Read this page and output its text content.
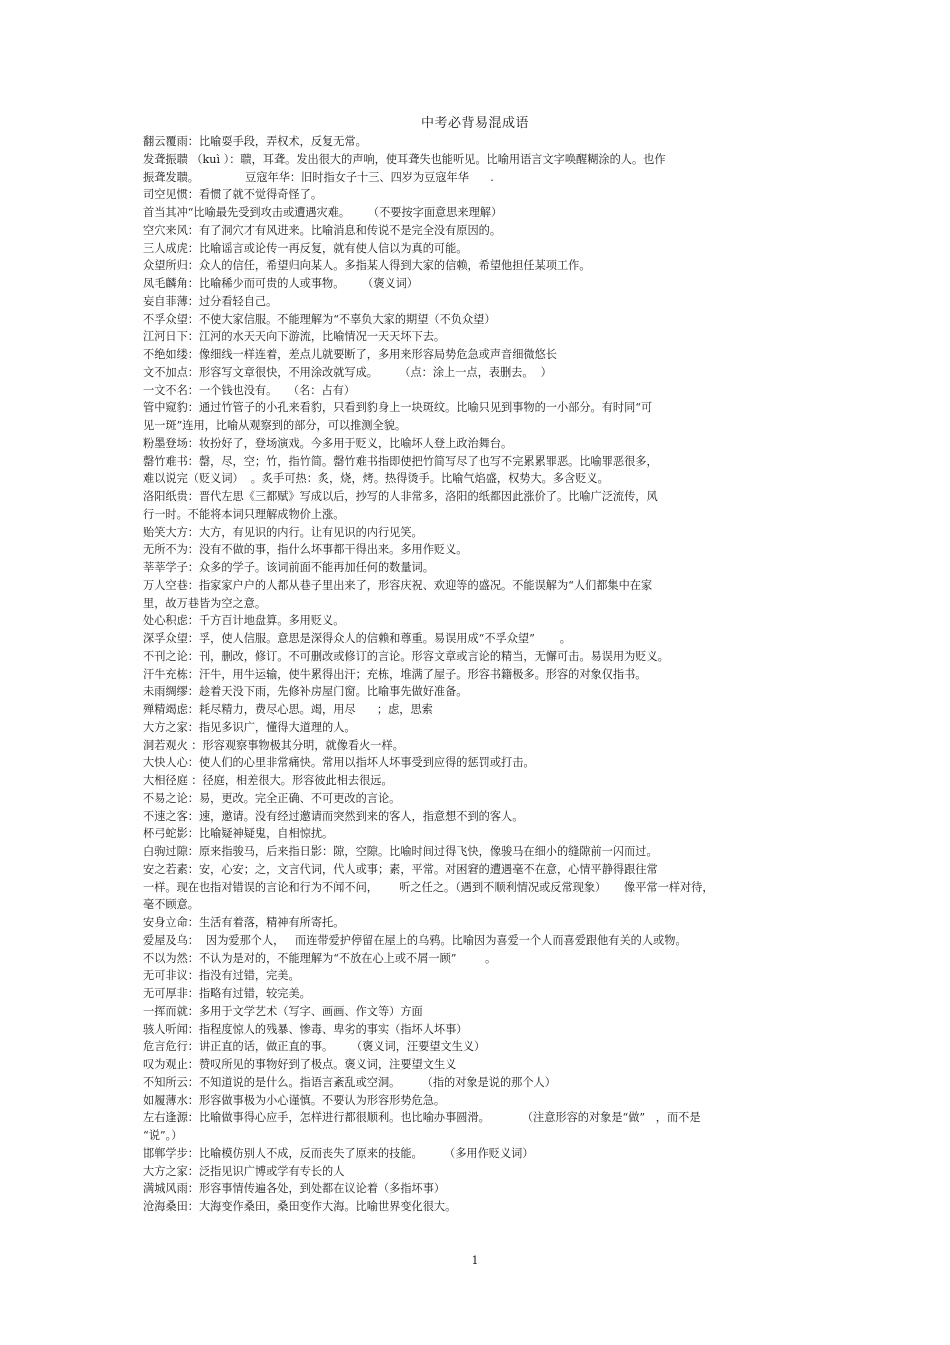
中考必背易混成语
翻云覆雨：比喻耍手段，弄权术，反复无常。
发聋振聩 （kuì ）：聩，耳聋。发出很大的声响，使耳聋失也能听见。比喻用语言文字唤醒糊涂的人。也作
振聋发聩。             豆寇年华：旧时指女子十三、四岁为豆寇年华      .
司空见惯：看惯了就不觉得奇怪了。
首当其冲“比喻最先受到攻击或遭遇灾难。     （不要按字面意思来理解）
空穴来风：有了洞穴才有风进来。比喻消息和传说不是完全没有原因的。
三人成虎：比喻谣言或论传一再反复，就有使人信以为真的可能。
众望所归：众人的信任，希望归向某人。多指某人得到大家的信赖，希望他担任某项工作。
凤毛麟角：比喻稀少而可贵的人或事物。     （褒义词）
妄自菲薄：过分看轻自己。
不孚众望：不使大家信服。不能理解为“不辜负大家的期望（不负众望）
江河日下：江河的水天天向下游流，比喻情况一天天坏下去。
不绝如缕：像细线一样连着，差点儿就要断了，多用来形容局势危急或声音细微悠长
文不加点：形容写文章很快，不用涂改就写成。      （点：涂上一点，表删去。  ）
一文不名：一个钱也没有。   （名：占有）
管中窥豹：通过竹管子的小孔来看豹，只看到豹身上一块斑纹。比喻只见到事物的一小部分。有时同“可
见一斑”连用，比喻从观察到的部分，可以推测全貌。
粉墨登场：妆扮好了，登场演戏。今多用于贬义，比喻坏人登上政治舞台。
罄竹难书：罄，尽，空；竹，指竹简。罄竹难书指即使把竹简写尽了也写不完累累罪恶。比喻罪恶很多，
难以说完（贬义词）  。炙手可热：炙，烧，烤。热得烫手。比喻气焰盛，权势大。多含贬义。
洛阳纸贵：晋代左思《三都赋》写成以后，抄写的人非常多，洛阳的纸都因此涨价了。比喻广泛流传，风
行一时。不能将本词只理解成物价上涨。
贻笑大方：大方，有见识的内行。让有见识的内行见笑。
无所不为：没有不做的事，指什么坏事都干得出来。多用作贬义。
莘莘学子：众多的学子。该词前面不能再加任何的数量词。
万人空巷：指家家户户的人都从巷子里出来了，形容庆祝、欢迎等的盛况。不能误解为“人们都集中在家
里，故万巷皆为空之意。
处心积虑：千方百计地盘算。多用贬义。
深孚众望：孚，使人信服。意思是深得众人的信赖和尊重。易误用成“不孚众望”       。
不刊之论：刊，删改，修订。不可删改或修订的言论。形容文章或言论的精当，无懈可击。易误用为贬义。
汗牛充栋：汗牛，用牛运输，使牛累得出汗；充栋，堆满了屋子。形容书籍极多。形容的对象仅指书。
未雨绸缪：趁着天没下雨，先修补房屋门窗。比喻事先做好准备。
殚精竭虑：耗尽精力，费尽心思。竭，用尽      ；虑，思索
大方之家：指见多识广，懂得大道理的人。
洞若观火 ：形容观察事物极其分明，就像看火一样。
大快人心：使人们的心里非常痛快。常用以指坏人坏事受到应得的惩罚或打击。
大相径庭 ：径庭，相差很大。形容彼此相去很远。
不易之论：易，更改。完全正确、不可更改的言论。
不速之客：速，邀请。没有经过邀请而突然到来的客人，指意想不到的客人。
杯弓蛇影：比喻疑神疑鬼，自相惊扰。
白驹过隙：原来指骏马，后来指日影：隙，空隙。比喻时间过得飞快，像骏马在细小的缝隙前一闪而过。
安之若素：安，心安；之，文言代词，代人或事；素，平常。对困窘的遭遇毫不在意，心情平静得跟往常
一样。现在也指对错误的言论和行为不闻不问，      听之任之。（遇到不顺利情况或反常现象）     像平常一样对待，
毫不顾意。
安身立命：生活有着落，精神有所寄托。
爱屋及乌：  因为爱那个人，   而连带爱护停留在屋上的乌鸦。比喻因为喜爱一个人而喜爱跟他有关的人或物。
不以为然：不认为是对的，不能理解为“不放在心上或不屑一顾”        。
无可非议：指没有过错，完美。
无可厚非：指略有过错，较完美。
一挥而就：多用于文学艺术（写字、画画、作文等）方面
骇人听闻：指程度惊人的残暴、惨毒、卑劣的事实（指坏人坏事）
危言危行：讲正直的话，做正直的事。     （褒义词，汪要望文生义）
叹为观止：赞叹所见的事物好到了极点。褒义词，注要望文生义
不知所云：不知道说的是什么。指语言紊乱或空洞。      （指的对象是说的那个人）
如履薄水：形容做事极为小心谨慎。不要认为形容形势危急。
左右逢源：比喻做事得心应手，怎样进行都很顺利。也比喻办事圆滑。         （注意形容的对象是“做”   ，而不是
“说”。）
邯郸学步：比喻模仿别人不成，反而丧失了原来的技能。      （多用作贬义词）
大方之家：泛指见识广博或学有专长的人
满城风雨：形容事情传遍各处，到处都在议论着（多指坏事）
沧海桑田：大海变作桑田，桑田变作大海。比喻世界变化很大。
1
